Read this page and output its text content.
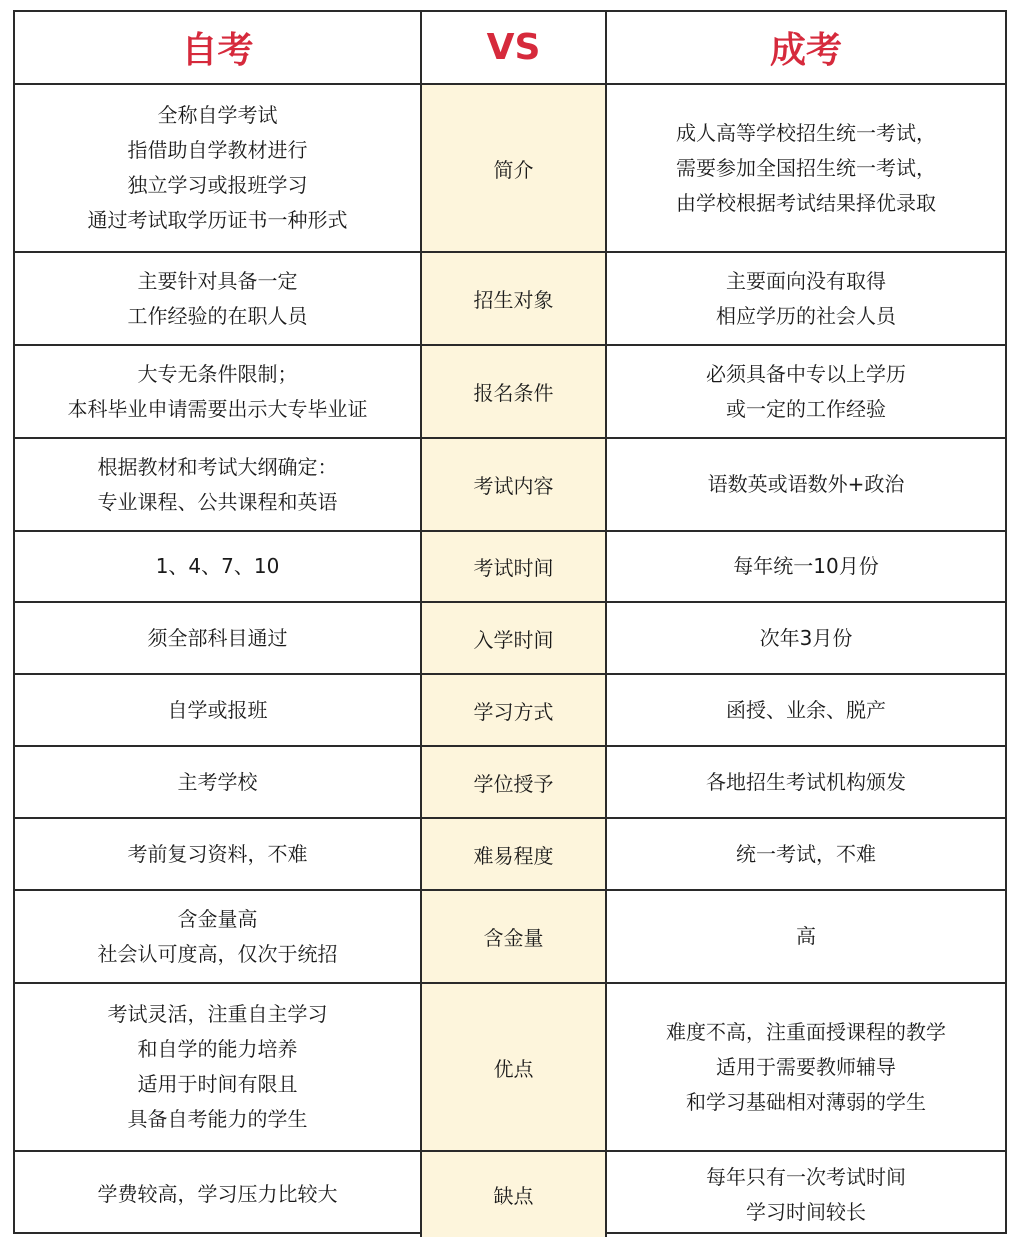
自考	VS	成考

全称自学考试
指借助自学教材进行
独立学习或报班学习
通过考试取学历证书一种形式	简介	成人高等学校招生统一考试，
需要参加全国招生统一考试，
由学校根据考试结果择优录取

主要针对具备一定
工作经验的在职人员	招生对象	主要面向没有取得
相应学历的社会人员

大专无条件限制；
本科毕业申请需要出示大专毕业证	报名条件	必须具备中专以上学历
或一定的工作经验

根据教材和考试大纲确定：
专业课程、公共课程和英语	考试内容	语数英或语数外+政治

1、4、7、10	考试时间	每年统一10月份

须全部科目通过	入学时间	次年3月份

自学或报班	学习方式	函授、业余、脱产

主考学校	学位授予	各地招生考试机构颁发

考前复习资料，不难	难易程度	统一考试，不难

含金量高
社会认可度高，仅次于统招	含金量	高

考试灵活，注重自主学习
和自学的能力培养
适用于时间有限且
具备自考能力的学生	优点	难度不高，注重面授课程的教学
适用于需要教师辅导
和学习基础相对薄弱的学生

学费较高，学习压力比较大	缺点	每年只有一次考试时间
学习时间较长
